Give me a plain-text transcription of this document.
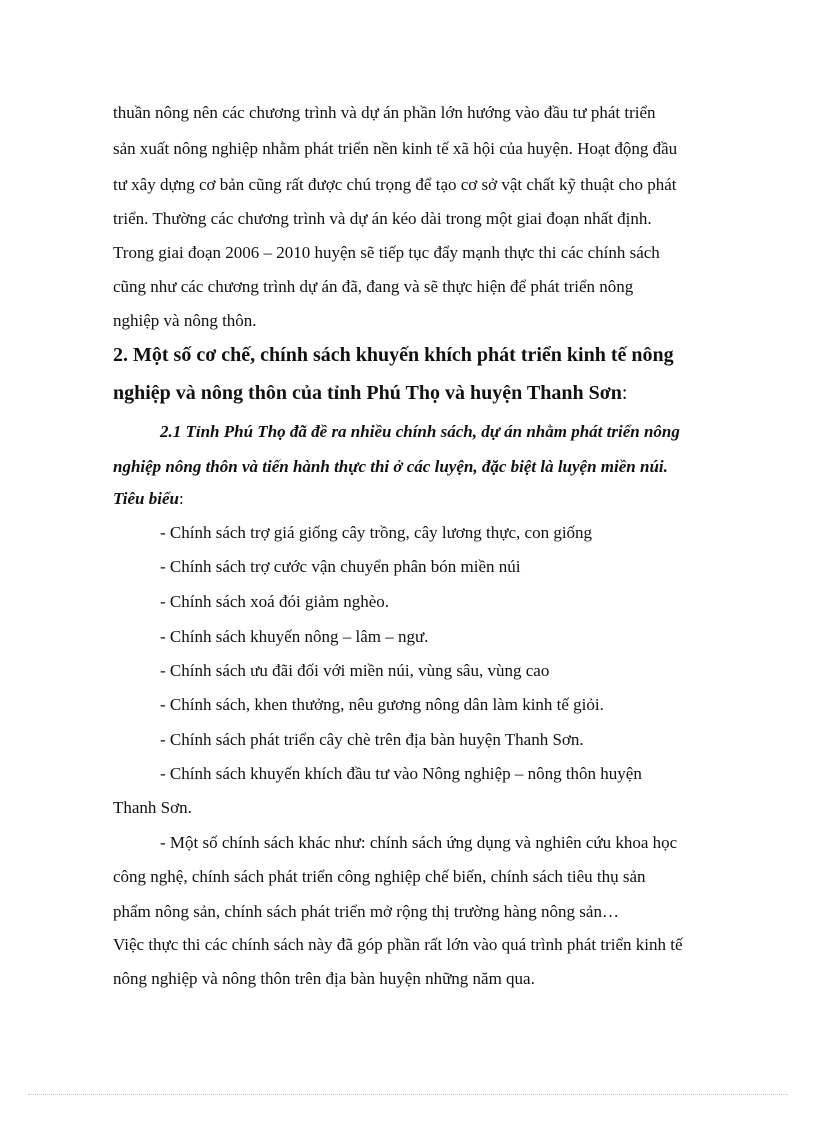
thuần nông nên các chương trình và dự án phần lớn hướng vào đầu tư phát triển
sản xuất nông nghiệp nhằm phát triển nền kinh tế xã hội của huyện. Hoạt động đầu
tư xây dựng cơ bản cũng rất được chú trọng để tạo cơ sở vật chất kỹ thuật cho phát
triển. Thường các chương trình và dự án kéo dài trong một giai đoạn nhất định.
Trong giai đoạn 2006 – 2010 huyện sẽ tiếp tục đẩy mạnh thực thi các chính sách
cũng như các chương trình dự án đã, đang và sẽ thực hiện để phát triển nông
nghiệp và nông thôn.
2. Một số cơ chế, chính sách khuyến khích phát triển kinh tế nông
nghiệp và nông thôn của tỉnh Phú Thọ và huyện Thanh Sơn:
2.1 Tỉnh Phú Thọ đã đề ra nhiều chính sách, dự án nhằm phát triển nông
nghiệp nông thôn và tiến hành thực thi ở các luyện, đặc biệt là luyện miền núi.
Tiêu biểu:
- Chính sách trợ giá giống cây trồng, cây lương thực, con giống
- Chính sách trợ cước vận chuyển phân bón miền núi
- Chính sách xoá đói giảm nghèo.
- Chính sách khuyến nông – lâm – ngư.
- Chính sách ưu đãi đối với miền núi, vùng sâu, vùng cao
- Chính sách, khen thưởng, nêu gương nông dân làm kinh tế giỏi.
- Chính sách phát triển cây chè trên địa bàn huyện Thanh Sơn.
- Chính sách khuyến khích đầu tư vào Nông nghiệp – nông thôn huyện
Thanh Sơn.
- Một số chính sách khác như: chính sách ứng dụng và nghiên cứu khoa học
công nghệ, chính sách phát triển công nghiệp chế biến, chính sách tiêu thụ sản
phẩm nông sản, chính sách phát triển mở rộng thị trường hàng nông sản…
Việc thực thi các chính sách này đã góp phần rất lớn vào quá trình phát triển kinh tế
nông nghiệp và nông thôn trên địa bàn huyện những năm qua.
